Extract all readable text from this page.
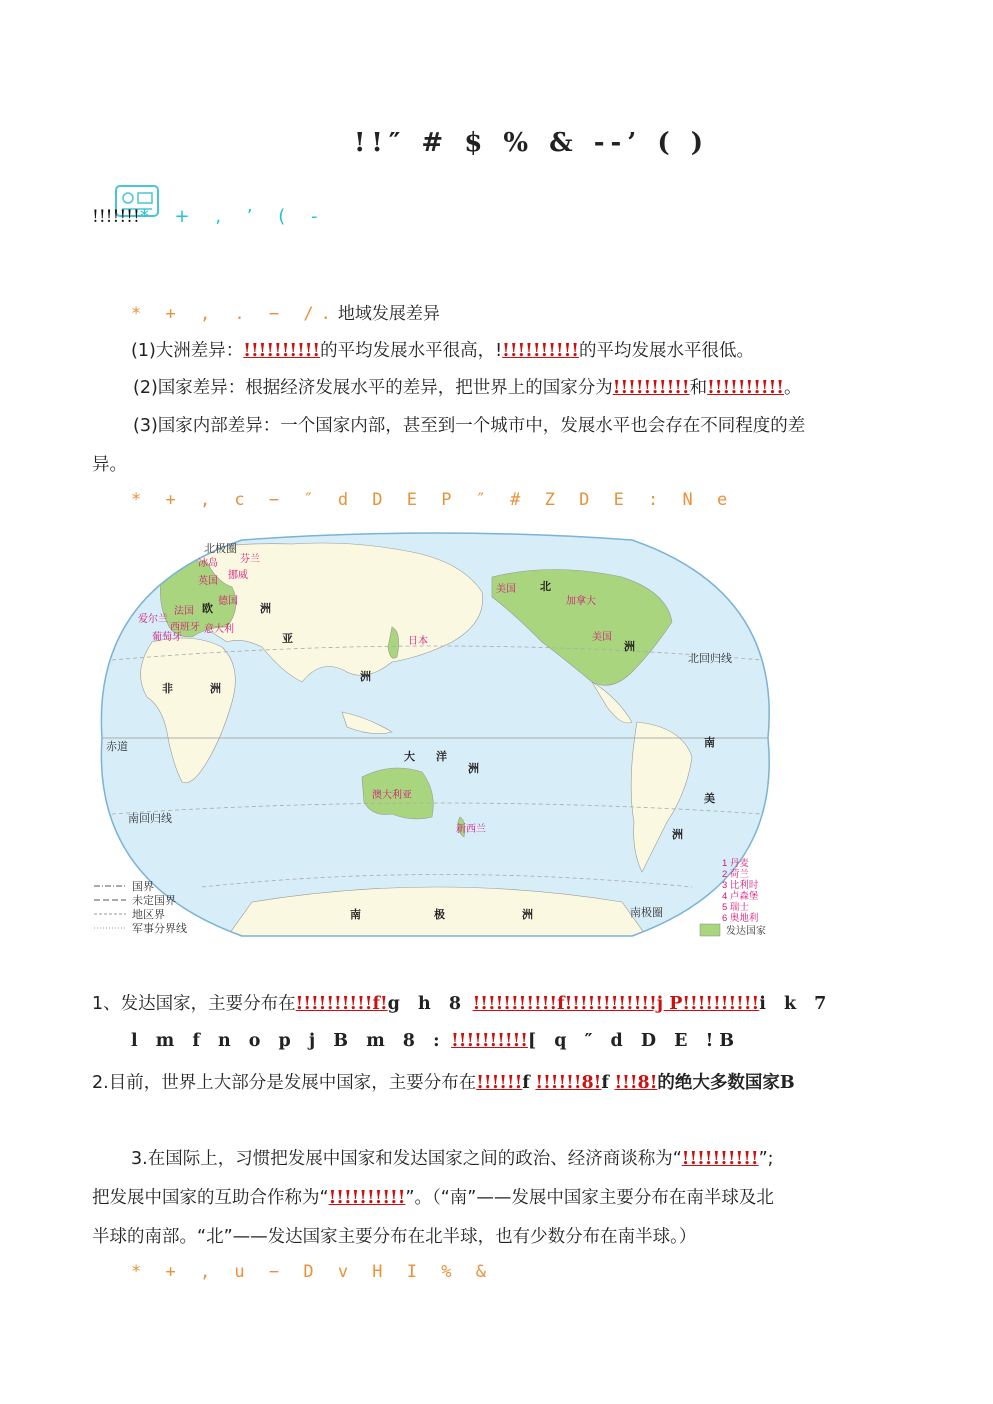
!!″ # $ % & --’ ( )
!!!!!!!* + , ’ ( -
* + , . − /.地域发展差异
(1)大洲差异：!!!!!!!!!!的平均发展水平很高，!!!!!!!!!!!的平均发展水平很低。
(2)国家差异：根据经济发展水平的差异，把世界上的国家分为!!!!!!!!!!和!!!!!!!!!!。
(3)国家内部差异：一个国家内部，甚至到一个城市中，发展水平也会存在不同程度的差
异。
* + , c − ″ d D E P ″ # Z D E : N e
北极圈
北回归线
赤道
南回归线
南极圈
亚
洲
欧	洲
非	洲
北
洲
南
美
洲
大 洋
洲
南	极	洲
加拿大
美国
美国
澳大利亚
新西兰
日本
英国
爱尔兰
冰岛
挪威
芬兰
德国
法国
意大利
西班牙
葡萄牙
国界
未定国界
地区界
军事分界线
1 丹麦
2 荷兰
3 比利时
4 卢森堡
5 瑞士
6 奥地利
发达国家
1、发达国家，主要分布在!!!!!!!!!!f!g h 8 !!!!!!!!!!!f!!!!!!!!!!!!j P!!!!!!!!!!i k 7
l m f n o p j B m 8 : !!!!!!!!!![ q ″ d D E !B
2.目前，世界上大部分是发展中国家，主要分布在!!!!!!f !!!!!!8!f !!!8!的绝大多数国家B
3.在国际上，习惯把发展中国家和发达国家之间的政治、经济商谈称为“!!!!!!!!!!”;
把发展中国家的互助合作称为“!!!!!!!!!!”。（“南”——发展中国家主要分布在南半球及北
半球的南部。“北”——发达国家主要分布在北半球，也有少数分布在南半球。）
* + , u − D v H I % &
